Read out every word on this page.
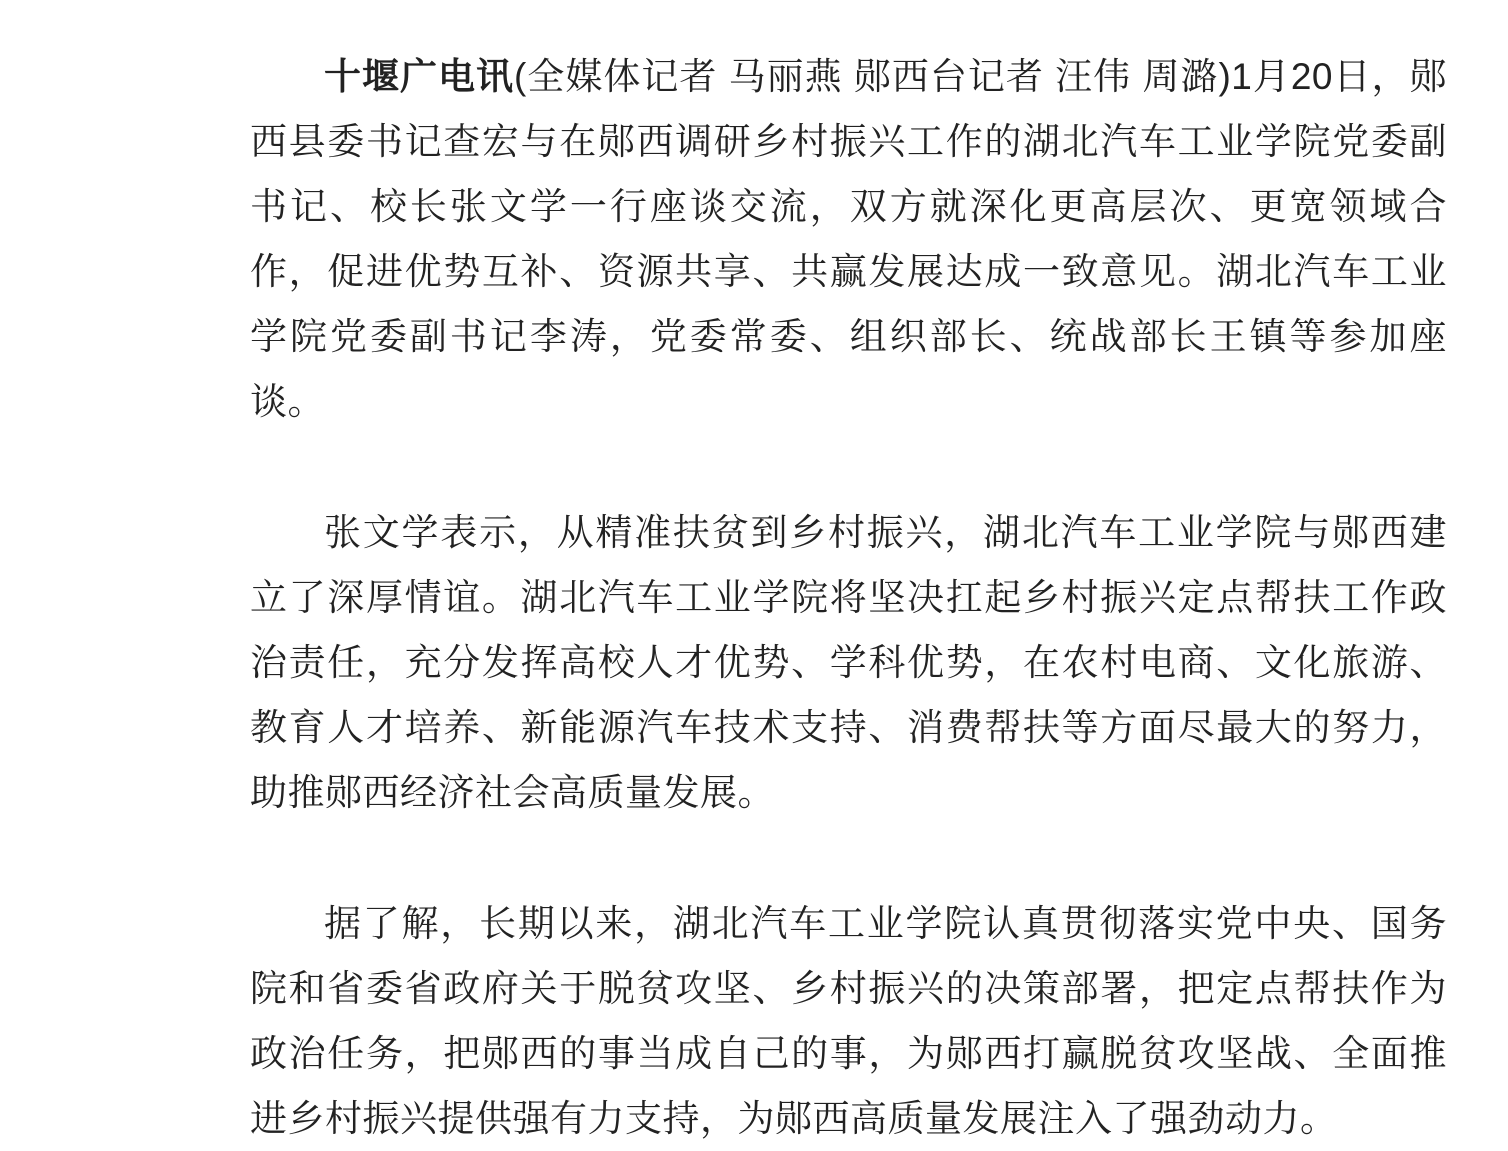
十堰广电讯(全媒体记者 马丽燕 郧西台记者 汪伟 周潞)1月20日，郧西县委书记查宏与在郧西调研乡村振兴工作的湖北汽车工业学院党委副书记、校长张文学一行座谈交流，双方就深化更高层次、更宽领域合作，促进优势互补、资源共享、共赢发展达成一致意见。湖北汽车工业学院党委副书记李涛，党委常委、组织部长、统战部长王镇等参加座谈。

张文学表示，从精准扶贫到乡村振兴，湖北汽车工业学院与郧西建立了深厚情谊。湖北汽车工业学院将坚决扛起乡村振兴定点帮扶工作政治责任，充分发挥高校人才优势、学科优势，在农村电商、文化旅游、教育人才培养、新能源汽车技术支持、消费帮扶等方面尽最大的努力，助推郧西经济社会高质量发展。

据了解，长期以来，湖北汽车工业学院认真贯彻落实党中央、国务院和省委省政府关于脱贫攻坚、乡村振兴的决策部署，把定点帮扶作为政治任务，把郧西的事当成自己的事，为郧西打赢脱贫攻坚战、全面推进乡村振兴提供强有力支持，为郧西高质量发展注入了强劲动力。
